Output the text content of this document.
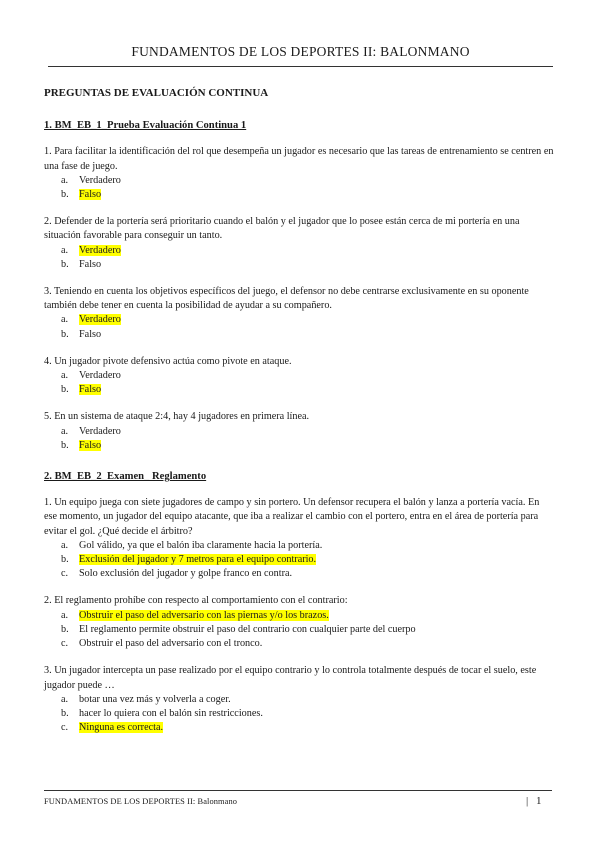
FUNDAMENTOS DE LOS DEPORTES II: BALONMANO
PREGUNTAS DE EVALUACIÓN CONTINUA
1. BM_EB_1_Prueba Evaluación Continua 1

1. Para facilitar la identificación del rol que desempeña un jugador es necesario que las tareas de entrenamiento se centren en una fase de juego.

a. Verdadero
b. Falso

2. Defender de la portería será prioritario cuando el balón y el jugador que lo posee están cerca de mi portería en una situación favorable para conseguir un tanto.

a. Verdadero
b. Falso

3. Teniendo en cuenta los objetivos específicos del juego, el defensor no debe centrarse exclusivamente en su oponente también debe tener en cuenta la posibilidad de ayudar a su compañero.

a. Verdadero
b. Falso

4. Un jugador pivote defensivo actúa como pivote en ataque.

a. Verdadero
b. Falso

5. En un sistema de ataque 2:4, hay 4 jugadores en primera línea.

a. Verdadero
b. Falso
2. BM_EB_2_Examen_ Reglamento

1. Un equipo juega con siete jugadores de campo y sin portero. Un defensor recupera el balón y lanza a portería vacía. En ese momento, un jugador del equipo atacante, que iba a realizar el cambio con el portero, entra en el área de portería para evitar el gol. ¿Qué decide el árbitro?

a. Gol válido, ya que el balón iba claramente hacia la portería.
b. Exclusión del jugador y 7 metros para el equipo contrario.
c. Solo exclusión del jugador y golpe franco en contra.

2. El reglamento prohíbe con respecto al comportamiento con el contrario:

a. Obstruir el paso del adversario con las piernas y/o los brazos.
b. El reglamento permite obstruir el paso del contrario con cualquier parte del cuerpo
c. Obstruir el paso del adversario con el tronco.

3. Un jugador intercepta un pase realizado por el equipo contrario y lo controla totalmente después de tocar el suelo, este jugador puede …

a. botar una vez más y volverla a coger.
b. hacer lo quiera con el balón sin restricciones.
c. Ninguna es correcta.
FUNDAMENTOS DE LOS DEPORTES II: Balonmano	| 1
